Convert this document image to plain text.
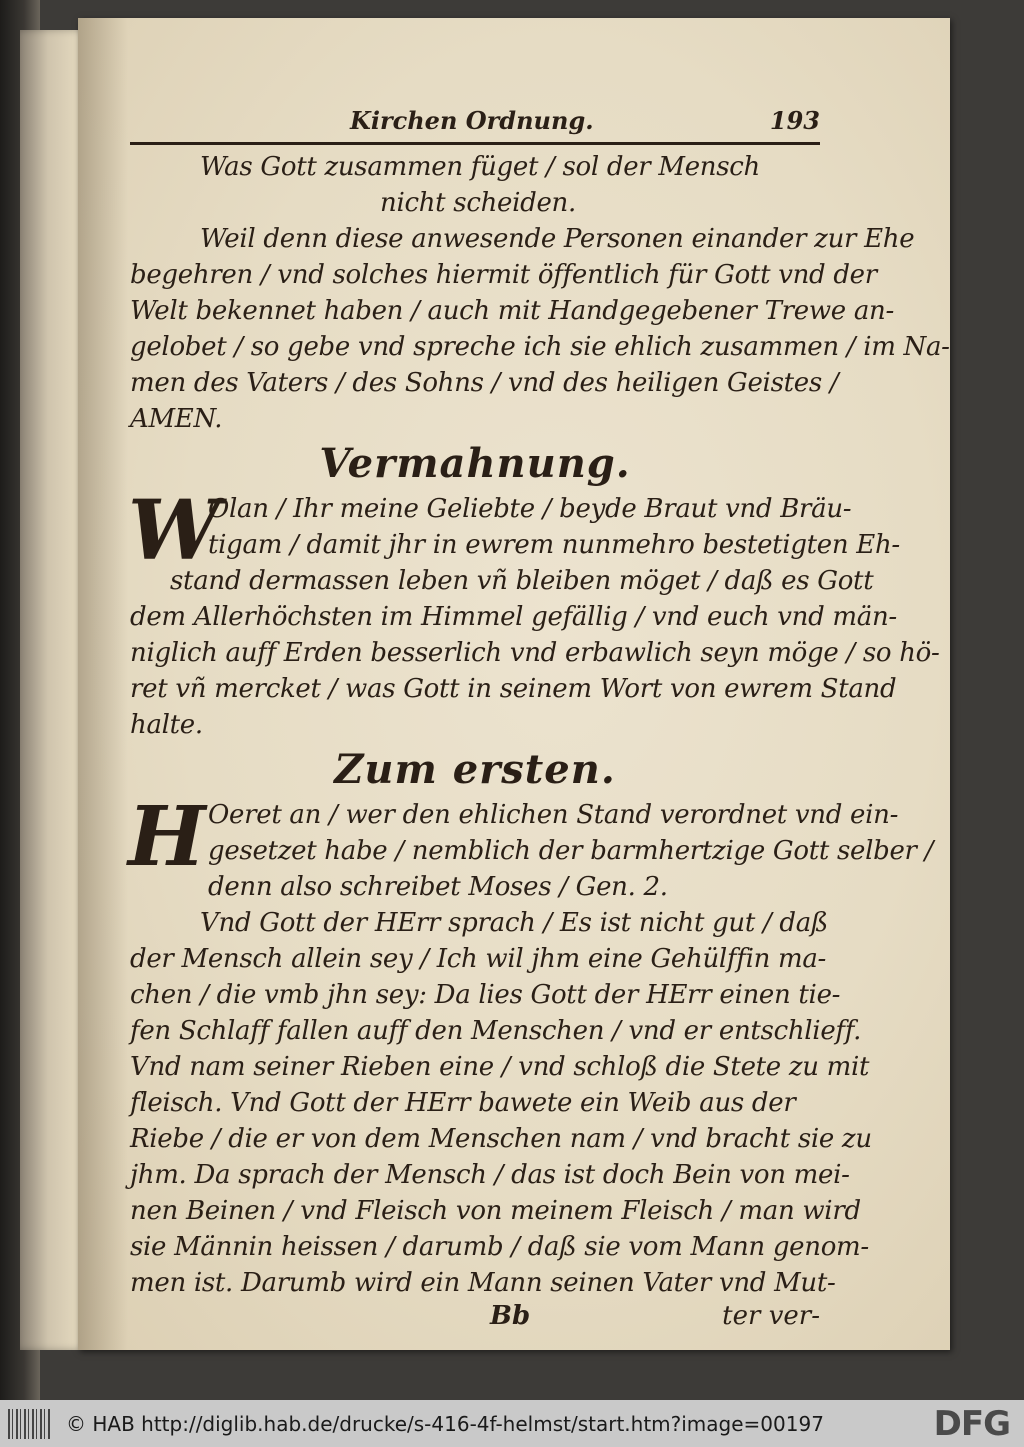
Kirchen Ordnung.	193
Was Gott zusammen füget / sol der Mensch
nicht scheiden.
Weil denn diese anwesende Personen einander zur Ehe
begehren / vnd solches hiermit öffentlich für Gott vnd der
Welt bekennet haben / auch mit Handgegebener Trewe an-
gelobet / so gebe vnd spreche ich sie ehlich zusammen / im Na-
men des Vaters / des Sohns / vnd des heiligen Geistes /
AMEN.
Vermahnung.
W
Olan / Ihr meine Geliebte / beyde Braut vnd Bräu-
tigam / damit jhr in ewrem nunmehro bestetigten Eh-
stand dermassen leben vñ bleiben möget / daß es Gott
dem Allerhöchsten im Himmel gefällig / vnd euch vnd män-
niglich auff Erden besserlich vnd erbawlich seyn möge / so hö-
ret vñ mercket / was Gott in seinem Wort von ewrem Stand
halte.
Zum ersten.
H Oeret an / wer den ehlichen Stand verordnet vnd ein-
gesetzet habe / nemblich der barmhertzige Gott selber /
denn also schreibet Moses / Gen. 2.
Vnd Gott der HErr sprach / Es ist nicht gut / daß
der Mensch allein sey / Ich wil jhm eine Gehülffin ma-
chen / die vmb jhn sey: Da lies Gott der HErr einen tie-
fen Schlaff fallen auff den Menschen / vnd er entschlieff.
Vnd nam seiner Rieben eine / vnd schloß die Stete zu mit
fleisch. Vnd Gott der HErr bawete ein Weib aus der
Riebe / die er von dem Menschen nam / vnd bracht sie zu
jhm. Da sprach der Mensch / das ist doch Bein von mei-
nen Beinen / vnd Fleisch von meinem Fleisch / man wird
sie Männin heissen / darumb / daß sie vom Mann genom-
men ist. Darumb wird ein Mann seinen Vater vnd Mut-
Bb	ter ver-
© HAB http://diglib.hab.de/drucke/s-416-4f-helmst/start.htm?image=00197	DFG
